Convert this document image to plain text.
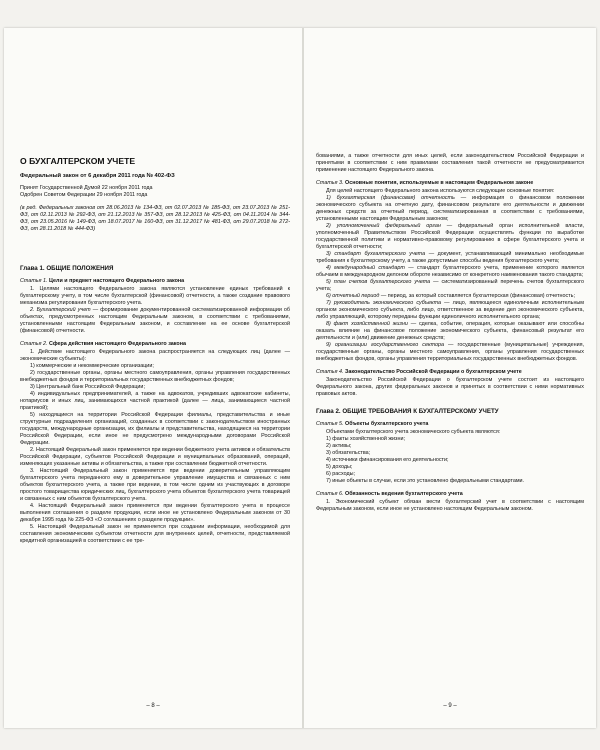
О БУХГАЛТЕРСКОМ УЧЕТЕ
Федеральный закон от 6 декабря 2011 года № 402-ФЗ

Принят Государственной Думой 22 ноября 2011 года

Одобрен Советом Федерации 29 ноября 2011 года

(в ред. Федеральных законов от 28.06.2013 № 134-ФЗ, от 02.07.2013 № 185-ФЗ, от 23.07.2013 № 251-ФЗ, от 02.11.2013 № 292-ФЗ, от 21.12.2013 № 357-ФЗ, от 28.12.2013 № 425-ФЗ, от 04.11.2014 № 344-ФЗ, от 23.05.2016 № 149-ФЗ, от 18.07.2017 № 160-ФЗ, от 31.12.2017 № 481-ФЗ, от 29.07.2018 № 272-ФЗ, от 28.11.2018 № 444-ФЗ)

Глава 1. ОБЩИЕ ПОЛОЖЕНИЯ
Статья 1. Цели и предмет настоящего Федерального закона

1. Целями настоящего Федерального закона являются установление единых требований к бухгалтерскому учету, в том числе бухгалтерской (финансовой) отчетности, а также создание правового механизма регулирования бухгалтерского учета.

2. Бухгалтерский учет — формирование документированной систематизированной информации об объектах, предусмотренных настоящим Федеральным законом, в соответствии с требованиями, установленными настоящим Федеральным законом, и составление на ее основе бухгалтерской (финансовой) отчетности.

Статья 2. Сфера действия настоящего Федерального закона

1. Действие настоящего Федерального закона распространяется на следующих лиц (далее — экономические субъекты):

1) коммерческие и некоммерческие организации;

2) государственные органы, органы местного самоуправления, органы управления государственных внебюджетных фондов и территориальных государственных внебюджетных фондов;

3) Центральный банк Российской Федерации;

4) индивидуальных предпринимателей, а также на адвокатов, учредивших адвокатские кабинеты, нотариусов и иных лиц, занимающихся частной практикой (далее — лица, занимающиеся частной практикой);

5) находящиеся на территории Российской Федерации филиалы, представительства и иные структурные подразделения организаций, созданных в соответствии с законодательством иностранных государств, международные организации, их филиалы и представительства, находящиеся на территории Российской Федерации, если иное не предусмотрено международными договорами Российской Федерации.

2. Настоящий Федеральный закон применяется при ведении бюджетного учета активов и обязательств Российской Федерации, субъектов Российской Федерации и муниципальных образований, операций, изменяющих указанные активы и обязательства, а также при составлении бюджетной отчетности.

3. Настоящий Федеральный закон применяется при ведении доверительным управляющим бухгалтерского учета переданного ему в доверительное управление имущества и связанных с ним объектов бухгалтерского учета, а также при ведении, в том числе одним из участвующих в договоре простого товарищества юридических лиц, бухгалтерского учета объектов бухгалтерского учета товарищей и связанных с ним объектов бухгалтерского учета.

4. Настоящий Федеральный закон применяется при ведении бухгалтерского учета в процессе выполнения соглашения о разделе продукции, если иное не установлено Федеральным законом от 30 декабря 1995 года № 225-ФЗ «О соглашениях о разделе продукции».

5. Настоящий Федеральный закон не применяется при создании информации, необходимой для составления экономическим субъектом отчетности для внутренних целей, отчетности, представляемой кредитной организацией в соответствии с ее тре-

– 8 –

бованиями, а также отчетности для иных целей, если законодательством Российской Федерации и принятыми в соответствии с ним правилами составления такой отчетности не предусматривается применение настоящего Федерального закона.

Статья 3. Основные понятия, используемые в настоящем Федеральном законе

Для целей настоящего Федерального закона используются следующие основные понятия:

1) бухгалтерская (финансовая) отчетность — информация о финансовом положении экономического субъекта на отчетную дату, финансовом результате его деятельности и движении денежных средств за отчетный период, систематизированная в соответствии с требованиями, установленными настоящим Федеральным законом;

2) уполномоченный федеральный орган — федеральный орган исполнительной власти, уполномоченный Правительством Российской Федерации осуществлять функции по выработке государственной политики и нормативно-правовому регулированию в сфере бухгалтерского учета и бухгалтерской отчетности;

3) стандарт бухгалтерского учета — документ, устанавливающий минимально необходимые требования к бухгалтерскому учету, а также допустимые способы ведения бухгалтерского учета;

4) международный стандарт — стандарт бухгалтерского учета, применение которого является обычаем в международном делоном обороте независимо от конкретного наименования такого стандарта;

5) план счетов бухгалтерского учета — систематизированный перечень счетов бухгалтерского учета;

6) отчетный период — период, за который составляется бухгалтерская (финансовая) отчетность;

7) руководитель экономического субъекта — лицо, являющееся единоличным исполнительным органом экономического субъекта, либо лицо, ответственное за ведение дел экономического субъекта, либо управляющий, которому переданы функции единоличного исполнительного органа;

8) факт хозяйственной жизни — сделка, событие, операция, которые оказывают или способны оказать влияние на финансовое положение экономического субъекта, финансовый результат его деятельности и (или) движение денежных средств;

9) организации государственного сектора — государственные (муниципальные) учреждения, государственные органы, органы местного самоуправления, органы управления государственных внебюджетных фондов, органы управления территориальных государственных внебюджетных фондов.

Статья 4. Законодательство Российской Федерации о бухгалтерском учете

Законодательство Российской Федерации о бухгалтерском учете состоит из настоящего Федерального закона, других федеральных законов и принятых в соответствии с ними нормативных правовых актов.

Глава 2. ОБЩИЕ ТРЕБОВАНИЯ К БУХГАЛТЕРСКОМУ УЧЕТУ
Статья 5. Объекты бухгалтерского учета

Объектами бухгалтерского учета экономического субъекта являются:

1) факты хозяйственной жизни;

2) активы;

3) обязательства;

4) источники финансирования его деятельности;

5) доходы;

6) расходы;

7) иные объекты в случае, если это установлено федеральными стандартами.

Статья 6. Обязанность ведения бухгалтерского учета

1. Экономический субъект обязан вести бухгалтерский учет в соответствии с настоящим Федеральным законом, если иное не установлено настоящим Федеральным законом.

– 9 –
